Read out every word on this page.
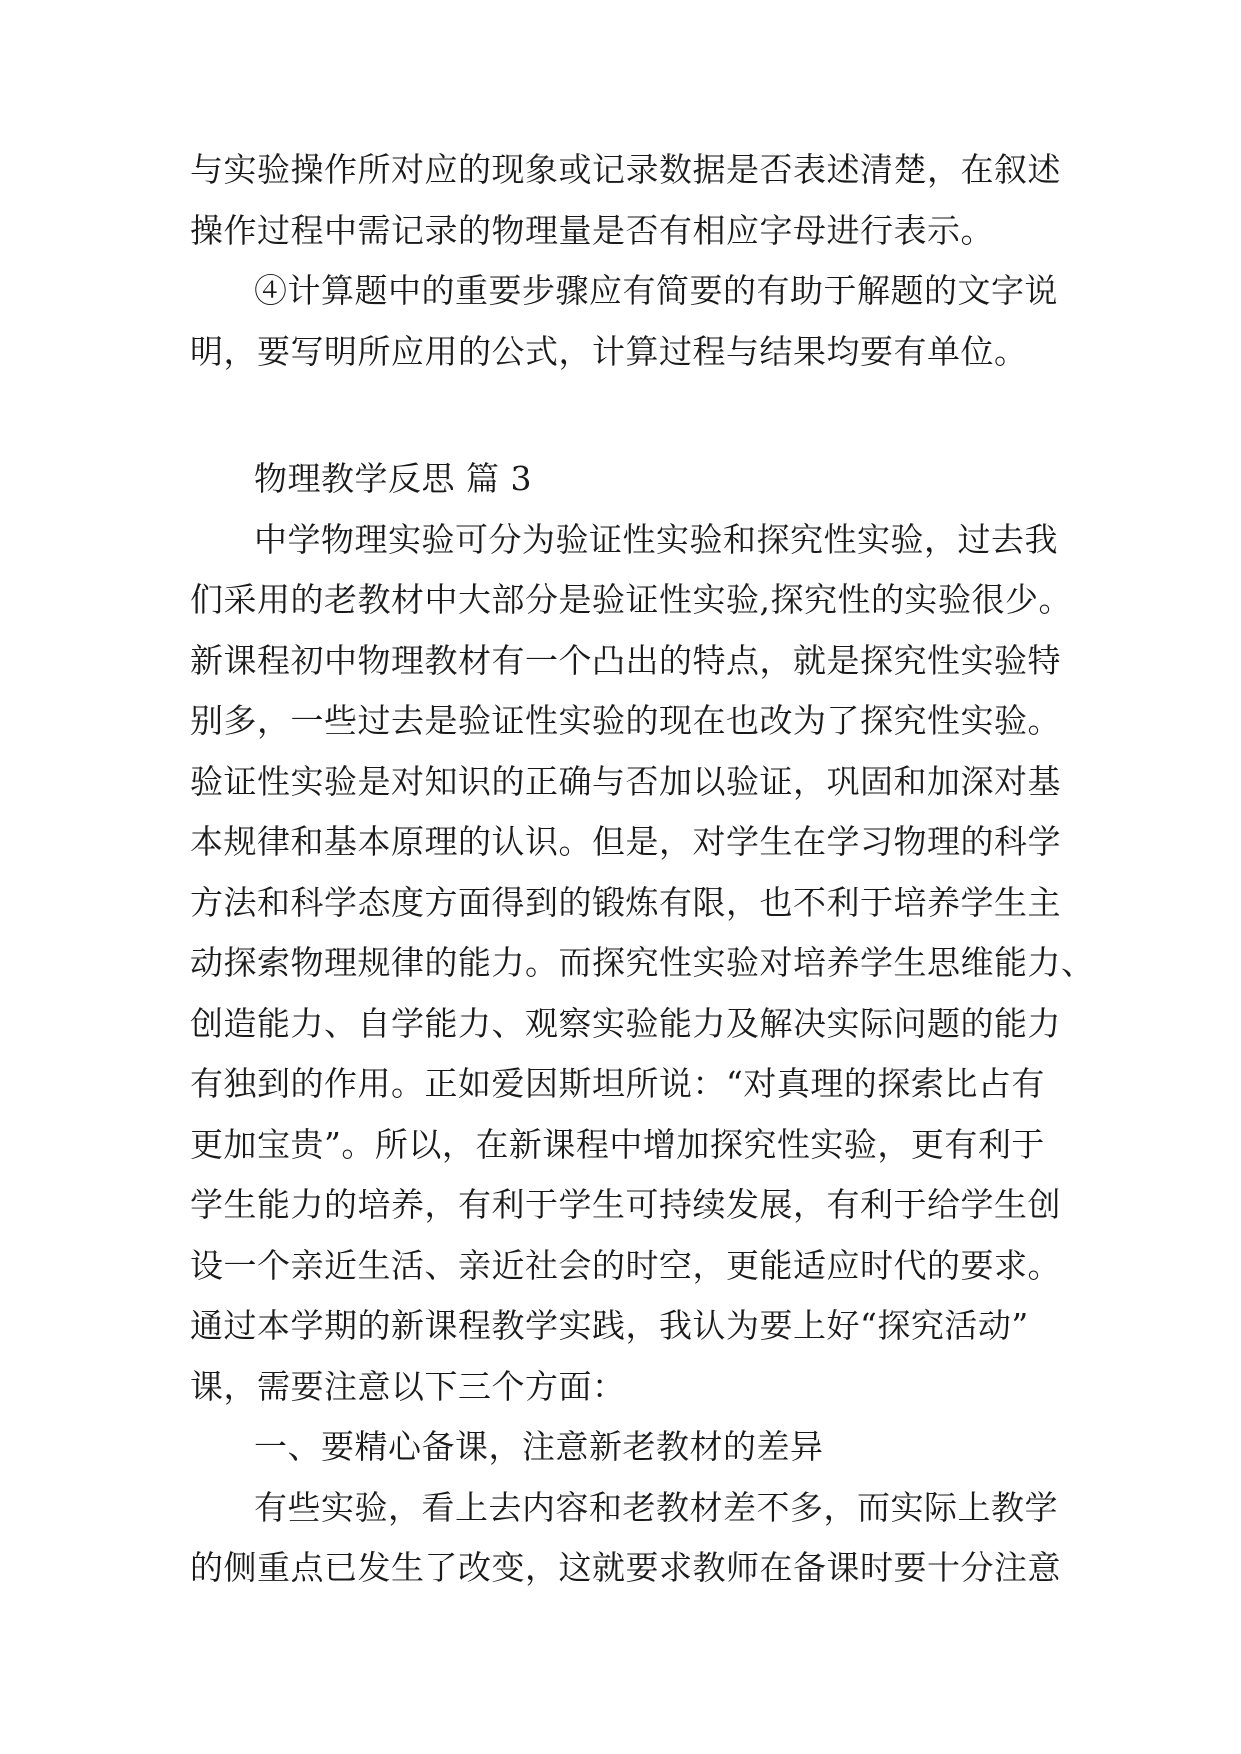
与实验操作所对应的现象或记录数据是否表述清楚，在叙述
操作过程中需记录的物理量是否有相应字母进行表示。
④计算题中的重要步骤应有简要的有助于解题的文字说
明，要写明所应用的公式，计算过程与结果均要有单位。
物理教学反思 篇 3
中学物理实验可分为验证性实验和探究性实验，过去我
们采用的老教材中大部分是验证性实验,探究性的实验很少。
新课程初中物理教材有一个凸出的特点，就是探究性实验特
别多，一些过去是验证性实验的现在也改为了探究性实验。
验证性实验是对知识的正确与否加以验证，巩固和加深对基
本规律和基本原理的认识。但是，对学生在学习物理的科学
方法和科学态度方面得到的锻炼有限，也不利于培养学生主
动探索物理规律的能力。而探究性实验对培养学生思维能力、
创造能力、自学能力、观察实验能力及解决实际问题的能力
有独到的作用。正如爱因斯坦所说：“对真理的探索比占有
更加宝贵”。所以，在新课程中增加探究性实验，更有利于
学生能力的培养，有利于学生可持续发展，有利于给学生创
设一个亲近生活、亲近社会的时空，更能适应时代的要求。
通过本学期的新课程教学实践，我认为要上好“探究活动”
课，需要注意以下三个方面：
一、要精心备课，注意新老教材的差异
有些实验，看上去内容和老教材差不多，而实际上教学
的侧重点已发生了改变，这就要求教师在备课时要十分注意
